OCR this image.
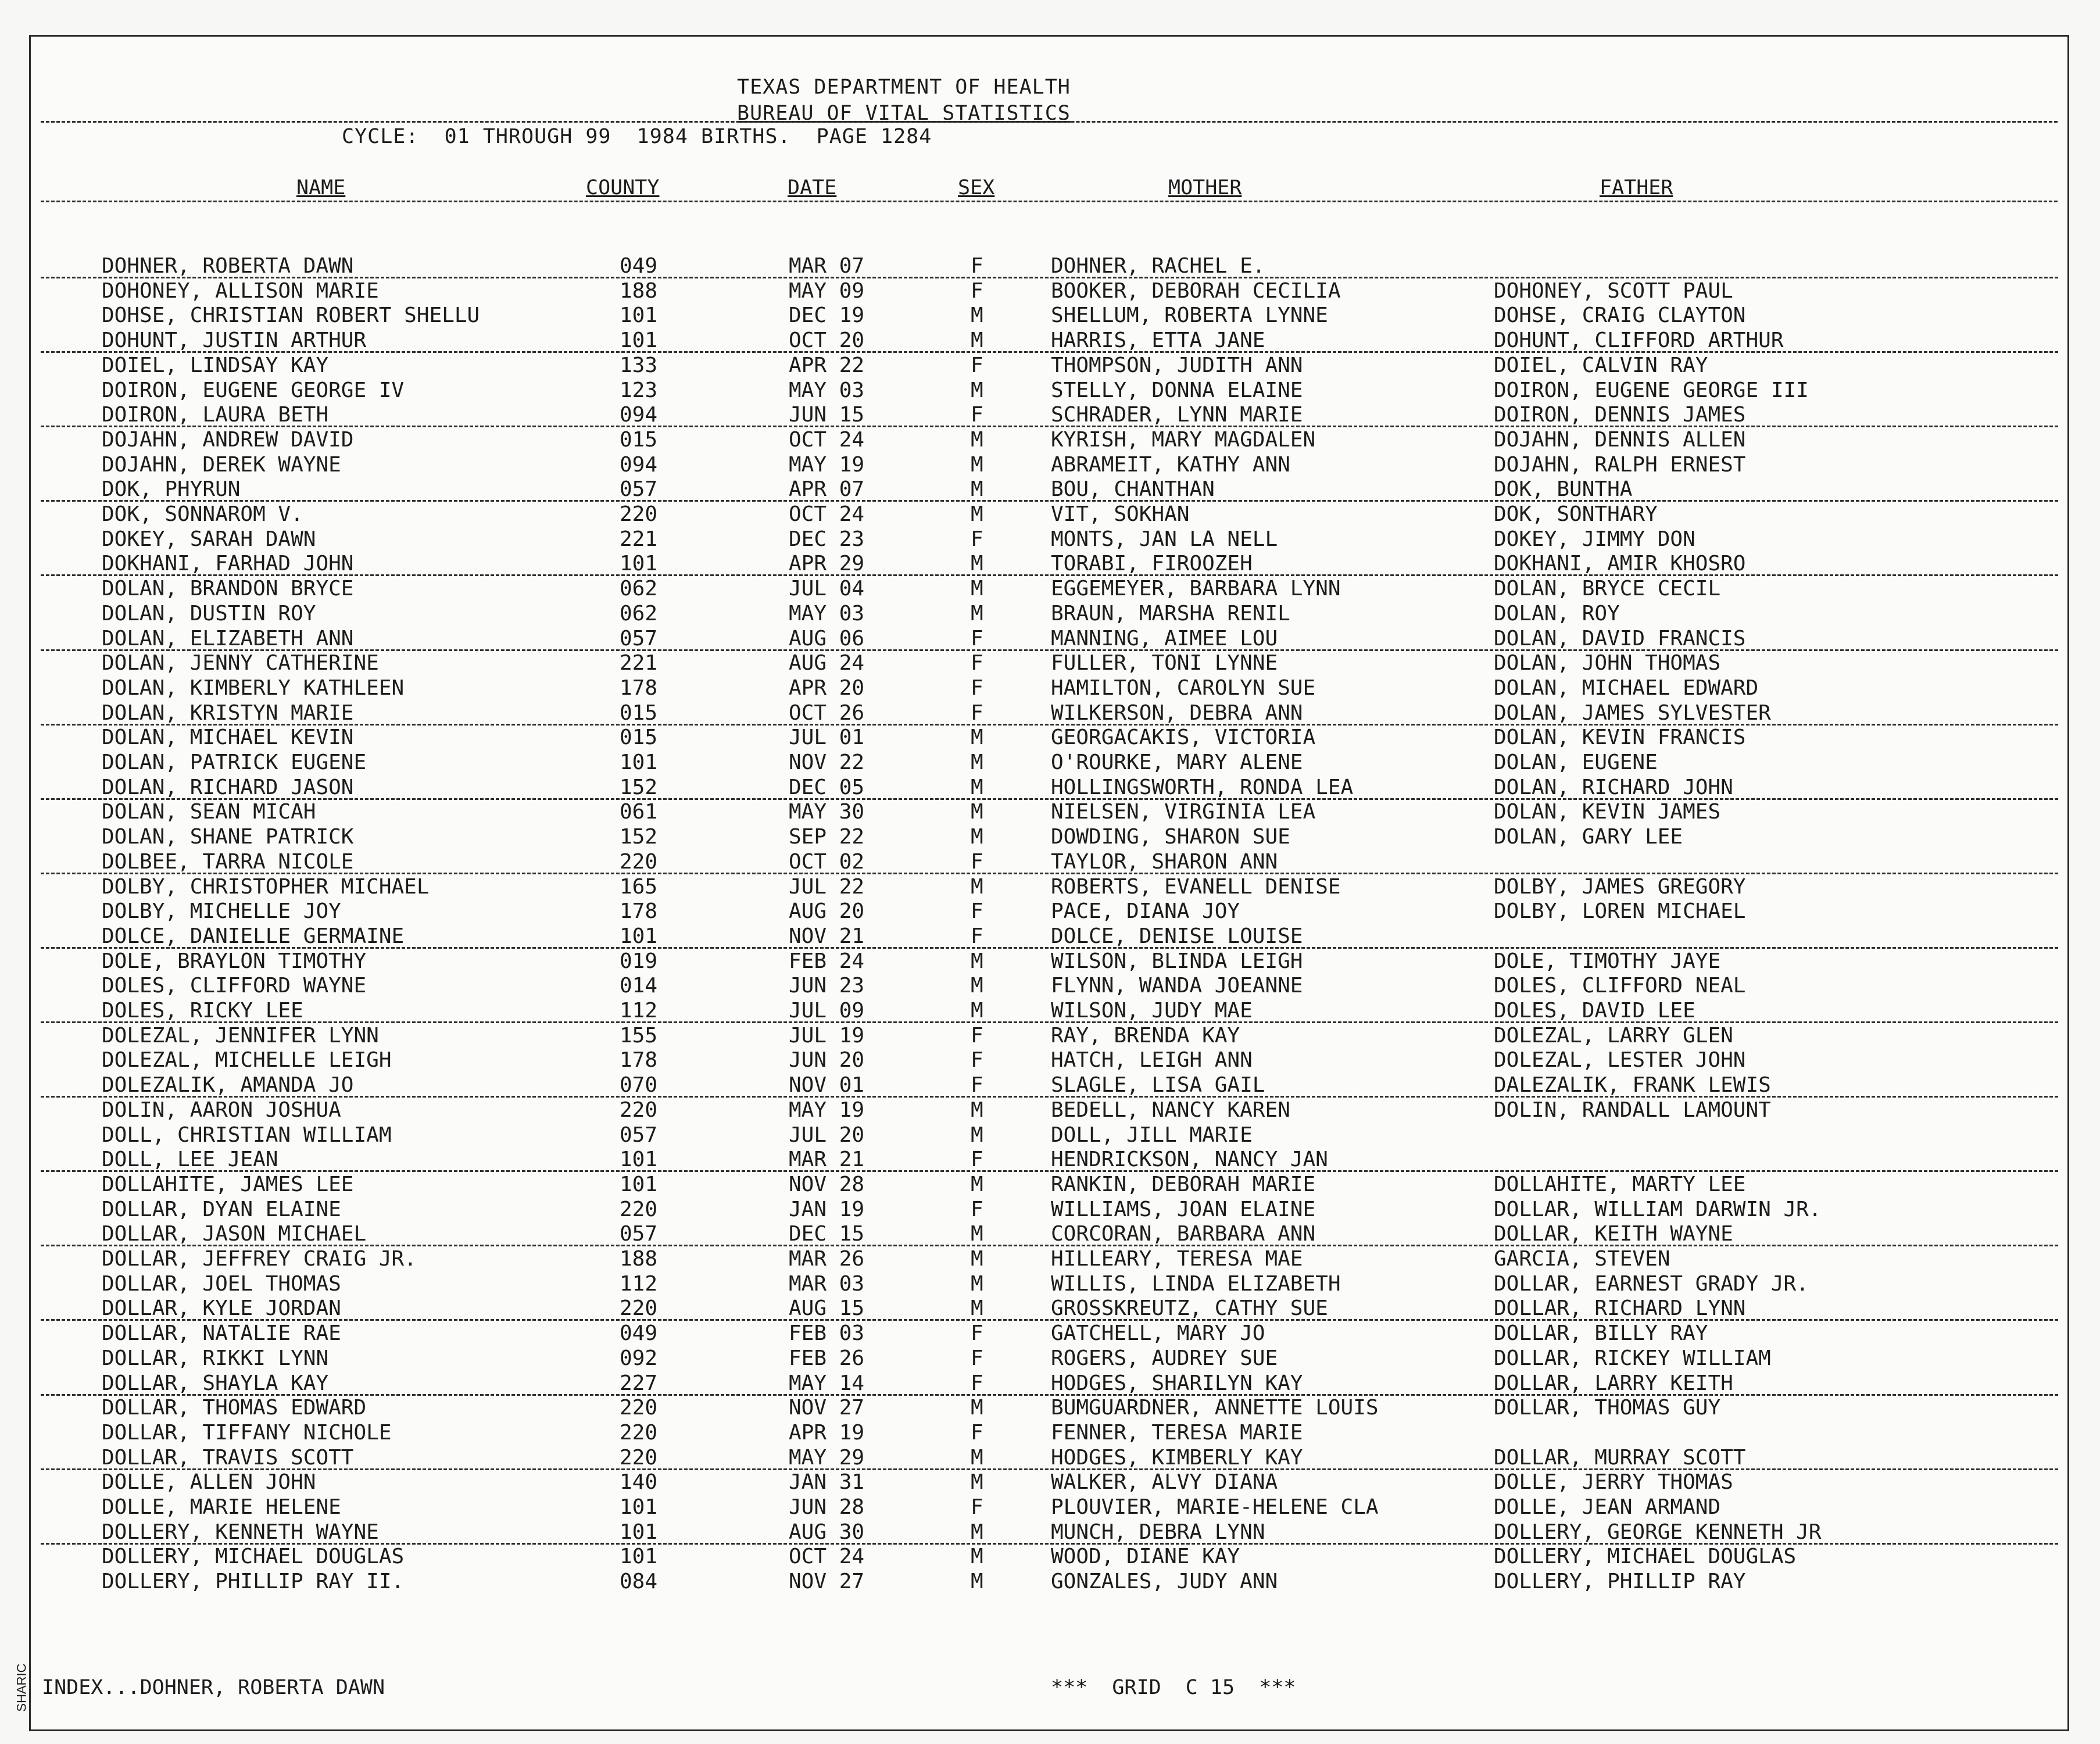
TEXAS DEPARTMENT OF HEALTH
BUREAU OF VITAL STATISTICS
CYCLE:  01 THROUGH 99  1984 BIRTHS.  PAGE 1284
NAME	COUNTY	DATE	SEX	MOTHER	FATHER
DOHNER, ROBERTA DAWN	049	MAR 07	F	DOHNER, RACHEL E.
DOHONEY, ALLISON MARIE	188	MAY 09	F	BOOKER, DEBORAH CECILIA	DOHONEY, SCOTT PAUL
DOHSE, CHRISTIAN ROBERT SHELLU	101	DEC 19	M	SHELLUM, ROBERTA LYNNE	DOHSE, CRAIG CLAYTON
DOHUNT, JUSTIN ARTHUR	101	OCT 20	M	HARRIS, ETTA JANE	DOHUNT, CLIFFORD ARTHUR
DOIEL, LINDSAY KAY	133	APR 22	F	THOMPSON, JUDITH ANN	DOIEL, CALVIN RAY
DOIRON, EUGENE GEORGE IV	123	MAY 03	M	STELLY, DONNA ELAINE	DOIRON, EUGENE GEORGE III
DOIRON, LAURA BETH	094	JUN 15	F	SCHRADER, LYNN MARIE	DOIRON, DENNIS JAMES
DOJAHN, ANDREW DAVID	015	OCT 24	M	KYRISH, MARY MAGDALEN	DOJAHN, DENNIS ALLEN
DOJAHN, DEREK WAYNE	094	MAY 19	M	ABRAMEIT, KATHY ANN	DOJAHN, RALPH ERNEST
DOK, PHYRUN	057	APR 07	M	BOU, CHANTHAN	DOK, BUNTHA
DOK, SONNAROM V.	220	OCT 24	M	VIT, SOKHAN	DOK, SONTHARY
DOKEY, SARAH DAWN	221	DEC 23	F	MONTS, JAN LA NELL	DOKEY, JIMMY DON
DOKHANI, FARHAD JOHN	101	APR 29	M	TORABI, FIROOZEH	DOKHANI, AMIR KHOSRO
DOLAN, BRANDON BRYCE	062	JUL 04	M	EGGEMEYER, BARBARA LYNN	DOLAN, BRYCE CECIL
DOLAN, DUSTIN ROY	062	MAY 03	M	BRAUN, MARSHA RENIL	DOLAN, ROY
DOLAN, ELIZABETH ANN	057	AUG 06	F	MANNING, AIMEE LOU	DOLAN, DAVID FRANCIS
DOLAN, JENNY CATHERINE	221	AUG 24	F	FULLER, TONI LYNNE	DOLAN, JOHN THOMAS
DOLAN, KIMBERLY KATHLEEN	178	APR 20	F	HAMILTON, CAROLYN SUE	DOLAN, MICHAEL EDWARD
DOLAN, KRISTYN MARIE	015	OCT 26	F	WILKERSON, DEBRA ANN	DOLAN, JAMES SYLVESTER
DOLAN, MICHAEL KEVIN	015	JUL 01	M	GEORGACAKIS, VICTORIA	DOLAN, KEVIN FRANCIS
DOLAN, PATRICK EUGENE	101	NOV 22	M	O'ROURKE, MARY ALENE	DOLAN, EUGENE
DOLAN, RICHARD JASON	152	DEC 05	M	HOLLINGSWORTH, RONDA LEA	DOLAN, RICHARD JOHN
DOLAN, SEAN MICAH	061	MAY 30	M	NIELSEN, VIRGINIA LEA	DOLAN, KEVIN JAMES
DOLAN, SHANE PATRICK	152	SEP 22	M	DOWDING, SHARON SUE	DOLAN, GARY LEE
DOLBEE, TARRA NICOLE	220	OCT 02	F	TAYLOR, SHARON ANN
DOLBY, CHRISTOPHER MICHAEL	165	JUL 22	M	ROBERTS, EVANELL DENISE	DOLBY, JAMES GREGORY
DOLBY, MICHELLE JOY	178	AUG 20	F	PACE, DIANA JOY	DOLBY, LOREN MICHAEL
DOLCE, DANIELLE GERMAINE	101	NOV 21	F	DOLCE, DENISE LOUISE
DOLE, BRAYLON TIMOTHY	019	FEB 24	M	WILSON, BLINDA LEIGH	DOLE, TIMOTHY JAYE
DOLES, CLIFFORD WAYNE	014	JUN 23	M	FLYNN, WANDA JOEANNE	DOLES, CLIFFORD NEAL
DOLES, RICKY LEE	112	JUL 09	M	WILSON, JUDY MAE	DOLES, DAVID LEE
DOLEZAL, JENNIFER LYNN	155	JUL 19	F	RAY, BRENDA KAY	DOLEZAL, LARRY GLEN
DOLEZAL, MICHELLE LEIGH	178	JUN 20	F	HATCH, LEIGH ANN	DOLEZAL, LESTER JOHN
DOLEZALIK, AMANDA JO	070	NOV 01	F	SLAGLE, LISA GAIL	DALEZALIK, FRANK LEWIS
DOLIN, AARON JOSHUA	220	MAY 19	M	BEDELL, NANCY KAREN	DOLIN, RANDALL LAMOUNT
DOLL, CHRISTIAN WILLIAM	057	JUL 20	M	DOLL, JILL MARIE
DOLL, LEE JEAN	101	MAR 21	F	HENDRICKSON, NANCY JAN
DOLLAHITE, JAMES LEE	101	NOV 28	M	RANKIN, DEBORAH MARIE	DOLLAHITE, MARTY LEE
DOLLAR, DYAN ELAINE	220	JAN 19	F	WILLIAMS, JOAN ELAINE	DOLLAR, WILLIAM DARWIN JR.
DOLLAR, JASON MICHAEL	057	DEC 15	M	CORCORAN, BARBARA ANN	DOLLAR, KEITH WAYNE
DOLLAR, JEFFREY CRAIG JR.	188	MAR 26	M	HILLEARY, TERESA MAE	GARCIA, STEVEN
DOLLAR, JOEL THOMAS	112	MAR 03	M	WILLIS, LINDA ELIZABETH	DOLLAR, EARNEST GRADY JR.
DOLLAR, KYLE JORDAN	220	AUG 15	M	GROSSKREUTZ, CATHY SUE	DOLLAR, RICHARD LYNN
DOLLAR, NATALIE RAE	049	FEB 03	F	GATCHELL, MARY JO	DOLLAR, BILLY RAY
DOLLAR, RIKKI LYNN	092	FEB 26	F	ROGERS, AUDREY SUE	DOLLAR, RICKEY WILLIAM
DOLLAR, SHAYLA KAY	227	MAY 14	F	HODGES, SHARILYN KAY	DOLLAR, LARRY KEITH
DOLLAR, THOMAS EDWARD	220	NOV 27	M	BUMGUARDNER, ANNETTE LOUIS	DOLLAR, THOMAS GUY
DOLLAR, TIFFANY NICHOLE	220	APR 19	F	FENNER, TERESA MARIE
DOLLAR, TRAVIS SCOTT	220	MAY 29	M	HODGES, KIMBERLY KAY	DOLLAR, MURRAY SCOTT
DOLLE, ALLEN JOHN	140	JAN 31	M	WALKER, ALVY DIANA	DOLLE, JERRY THOMAS
DOLLE, MARIE HELENE	101	JUN 28	F	PLOUVIER, MARIE-HELENE CLA	DOLLE, JEAN ARMAND
DOLLERY, KENNETH WAYNE	101	AUG 30	M	MUNCH, DEBRA LYNN	DOLLERY, GEORGE KENNETH JR
DOLLERY, MICHAEL DOUGLAS	101	OCT 24	M	WOOD, DIANE KAY	DOLLERY, MICHAEL DOUGLAS
DOLLERY, PHILLIP RAY II.	084	NOV 27	M	GONZALES, JUDY ANN	DOLLERY, PHILLIP RAY
INDEX...DOHNER, ROBERTA DAWN	***  GRID  C 15  ***
SHARIC
